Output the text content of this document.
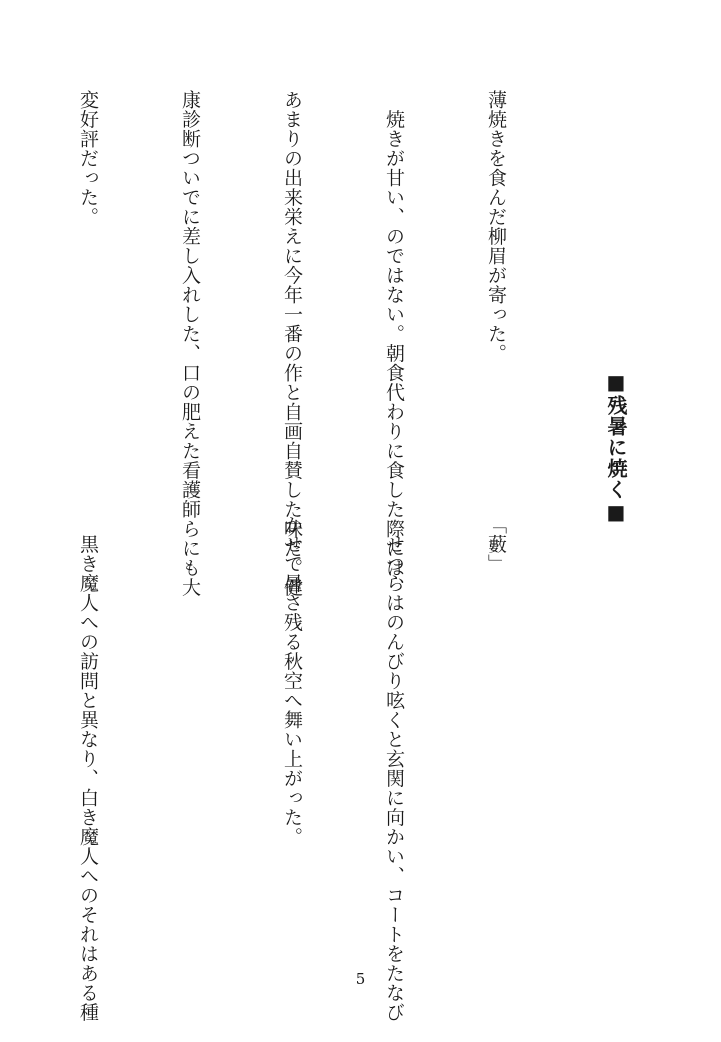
■残暑に焼く■

薄焼きを食んだ柳眉が寄った。

　焼きが甘い、のではない。朝食代わりに食した際には、

あまりの出来栄えに今年一番の作と自画自賛した味だ。健

康診断ついでに差し入れした、口の肥えた看護師らにも大

変好評だった。

「藪」

　せつらはのんびり呟くと玄関に向かい、コートをたなび

かせて暑さ残る秋空へ舞い上がった。

　黒き魔人への訪問と異なり、白き魔人へのそれはある種

	5
